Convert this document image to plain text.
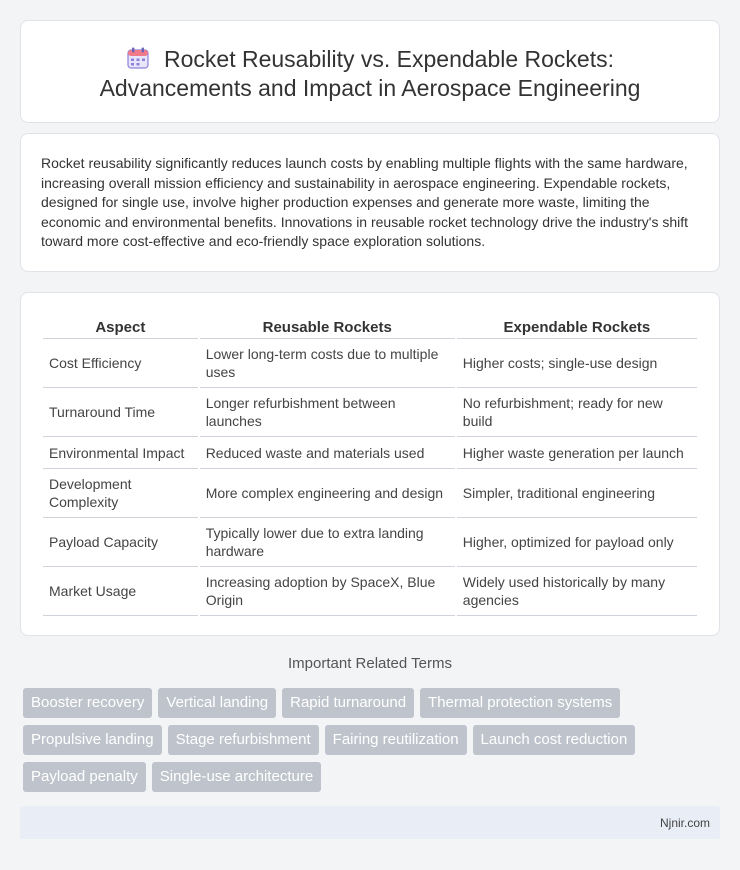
Rocket Reusability vs. Expendable Rockets:
Advancements and Impact in Aerospace Engineering

Rocket reusability significantly reduces launch costs by enabling multiple flights with the same hardware, increasing overall mission efficiency and sustainability in aerospace engineering. Expendable rockets, designed for single use, involve higher production expenses and generate more waste, limiting the economic and environmental benefits. Innovations in reusable rocket technology drive the industry's shift toward more cost-effective and eco-friendly space exploration solutions.

Aspect	Reusable Rockets	Expendable Rockets
Cost Efficiency	Lower long-term costs due to multiple uses	Higher costs; single-use design
Turnaround Time	Longer refurbishment between launches	No refurbishment; ready for new build
Environmental Impact	Reduced waste and materials used	Higher waste generation per launch
Development Complexity	More complex engineering and design	Simpler, traditional engineering
Payload Capacity	Typically lower due to extra landing hardware	Higher, optimized for payload only
Market Usage	Increasing adoption by SpaceX, Blue Origin	Widely used historically by many agencies
Important Related Terms
Booster recovery	Vertical landing	Rapid turnaround	Thermal protection systems
Propulsive landing	Stage refurbishment	Fairing reutilization	Launch cost reduction
Payload penalty	Single-use architecture
Njnir.com
